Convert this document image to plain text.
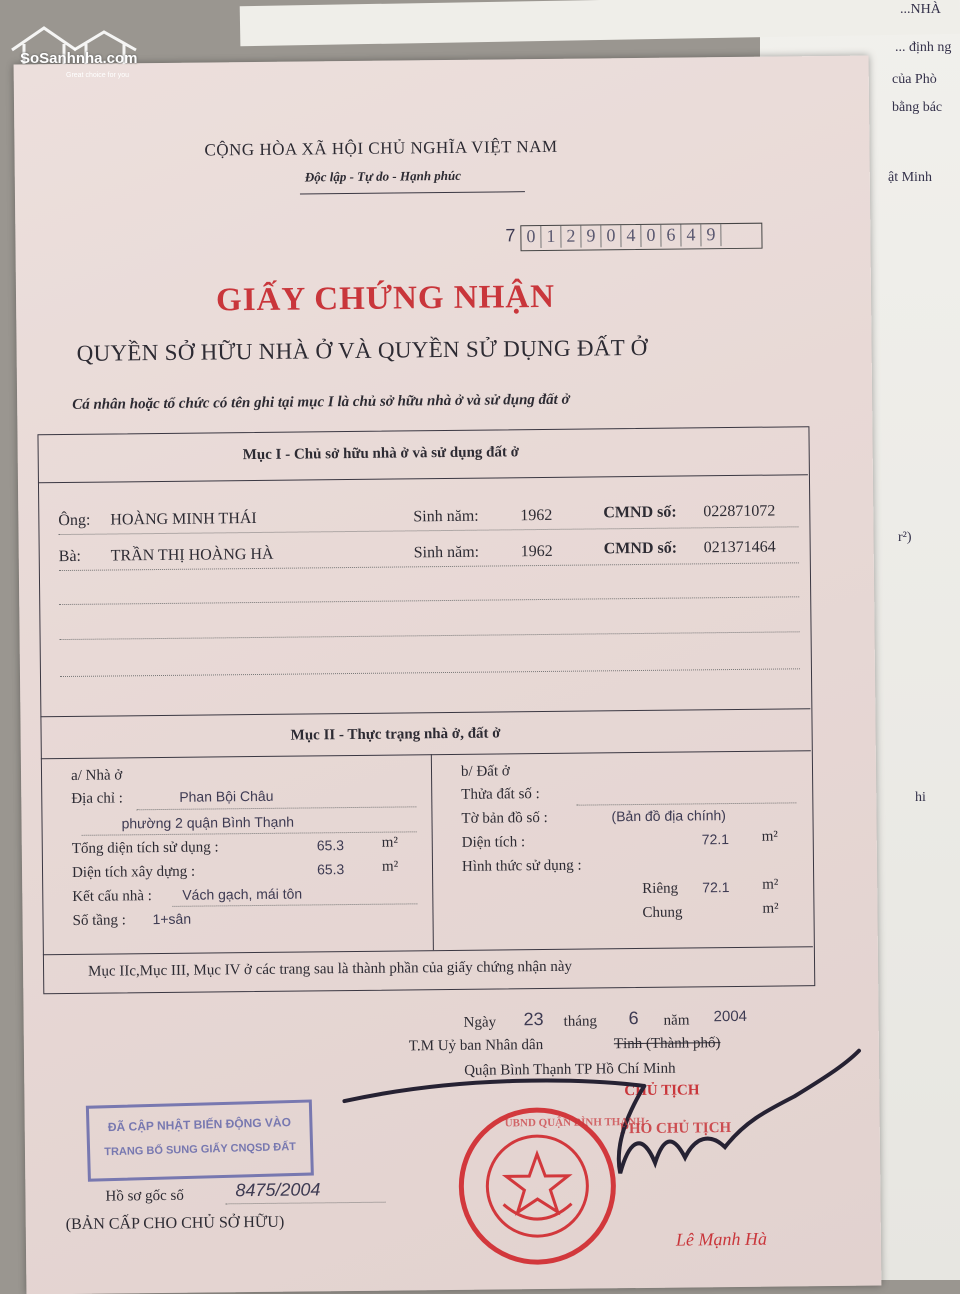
...NHÀ
... định ng
của Phò
bằng bác
ật Minh
r²)
hi
CỘNG HÒA XÃ HỘI CHỦ NGHĨA VIỆT NAM
Độc lập - Tự do - Hạnh phúc
7 0 1 2 9 0 4 0 6 4 9
GIẤY CHỨNG NHẬN
QUYỀN SỞ HỮU NHÀ Ở VÀ QUYỀN SỬ DỤNG ĐẤT Ở
Cá nhân hoặc tổ chức có tên ghi tại mục I là chủ sở hữu nhà ở và sử dụng đất ở
Mục I - Chủ sở hữu nhà ở và sử dụng đất ở
Ông: HOÀNG MINH THÁI	Sinh năm:	1962	CMND số: 022871072
Bà: TRẦN THỊ HOÀNG HÀ	Sinh năm:	1962	CMND số: 021371464
Mục II - Thực trạng nhà ở, đất ở
a/ Nhà ở
Địa chỉ :	Phan Bội Châu
phường 2 quận Bình Thạnh
Tổng diện tích sử dụng :	65.3	m²
Diện tích xây dựng :	65.3	m²
Kết cấu nhà : Vách gạch, mái tôn
Số tầng : 1+sân
b/ Đất ở
Thửa đất số :
Tờ bản đồ số :	(Bản đồ địa chính)
Diện tích :	72.1 m²
Hình thức sử dụng :
Riêng 72.1 m²
Chung	m²
Mục IIc,Mục III, Mục IV ở các trang sau là thành phần của giấy chứng nhận này
Ngày 23 tháng 6 năm 2004
T.M Uỷ ban Nhân dân	Tỉnh (Thành phố)
Quận Bình Thạnh TP Hồ Chí Minh
CHỦ TỊCH
PHÓ CHỦ TỊCH
Lê Mạnh Hà
UBND QUẬN BÌNH THẠNH
ĐÃ CẬP NHẬT BIẾN ĐỘNG VÀO
TRANG BỔ SUNG GIẤY CNQSD ĐẤT
Hồ sơ gốc số	8475/2004
(BẢN CẤP CHO CHỦ SỞ HỮU)
SoSanhnha.com
Great choice for you
